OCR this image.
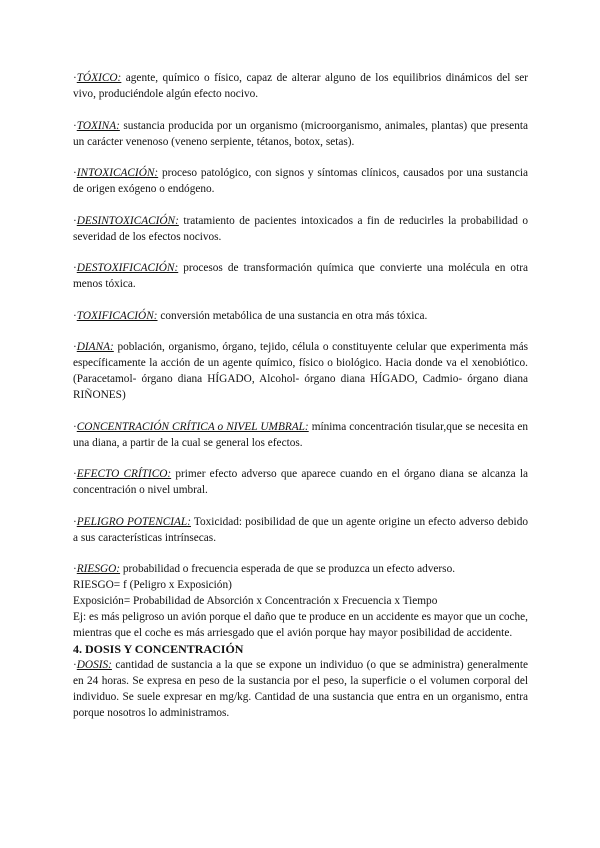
·TÓXICO: agente, químico o físico, capaz de alterar alguno de los equilibrios dinámicos del ser vivo, produciéndole algún efecto nocivo.

·TOXINA: sustancia producida por un organismo (microorganismo, animales, plantas) que presenta un carácter venenoso (veneno serpiente, tétanos, botox, setas).

·INTOXICACIÓN: proceso patológico, con signos y síntomas clínicos, causados por una sustancia de origen exógeno o endógeno.

·DESINTOXICACIÓN: tratamiento de pacientes intoxicados a fin de reducirles la probabilidad o severidad de los efectos nocivos.

·DESTOXIFICACIÓN: procesos de transformación química que convierte una molécula en otra menos tóxica.

·TOXIFICACIÓN: conversión metabólica de una sustancia en otra más tóxica.

·DIANA: población, organismo, órgano, tejido, célula o constituyente celular que experimenta más específicamente la acción de un agente químico, físico o biológico. Hacia donde va el xenobiótico. (Paracetamol- órgano diana HÍGADO, Alcohol- órgano diana HÍGADO, Cadmio- órgano diana RIÑONES)

·CONCENTRACIÓN CRÍTICA o NIVEL UMBRAL: mínima concentración tisular,que se necesita en una diana, a partir de la cual se general los efectos.

·EFECTO CRÍTICO: primer efecto adverso que aparece cuando en el órgano diana se alcanza la concentración o nivel umbral.

·PELIGRO POTENCIAL: Toxicidad: posibilidad de que un agente origine un efecto adverso debido a sus características intrínsecas.

·RIESGO: probabilidad o frecuencia esperada de que se produzca un efecto adverso.

RIESGO= f (Peligro x Exposición)

Exposición= Probabilidad de Absorción x Concentración x Frecuencia x Tiempo

Ej: es más peligroso un avión porque el daño que te produce en un accidente es mayor que un coche, mientras que el coche es más arriesgado que el avión porque hay mayor posibilidad de accidente.

4. DOSIS Y CONCENTRACIÓN

·DOSIS: cantidad de sustancia a la que se expone un individuo (o que se administra) generalmente en 24 horas. Se expresa en peso de la sustancia por el peso, la superficie o el volumen corporal del individuo. Se suele expresar en mg/kg. Cantidad de una sustancia que entra en un organismo, entra porque nosotros lo administramos.
